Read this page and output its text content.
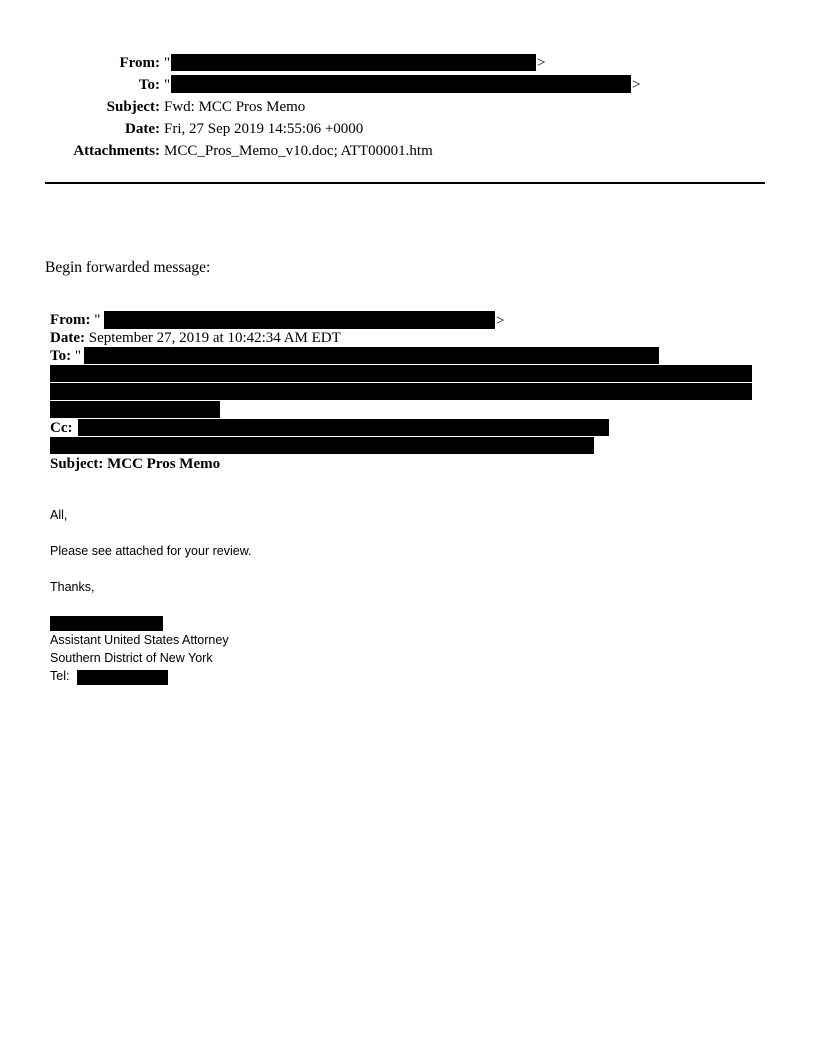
From: "	>
To: "	>
Subject: Fwd: MCC Pros Memo
Date: Fri, 27 Sep 2019 14:55:06 +0000
Attachments: MCC_Pros_Memo_v10.doc; ATT00001.htm
Begin forwarded message:
From: "	>
Date: September 27, 2019 at 10:42:34 AM EDT
To: "
Cc:
Subject: MCC Pros Memo
All,
Please see attached for your review.
Thanks,
Assistant United States Attorney
Southern District of New York
Tel:
